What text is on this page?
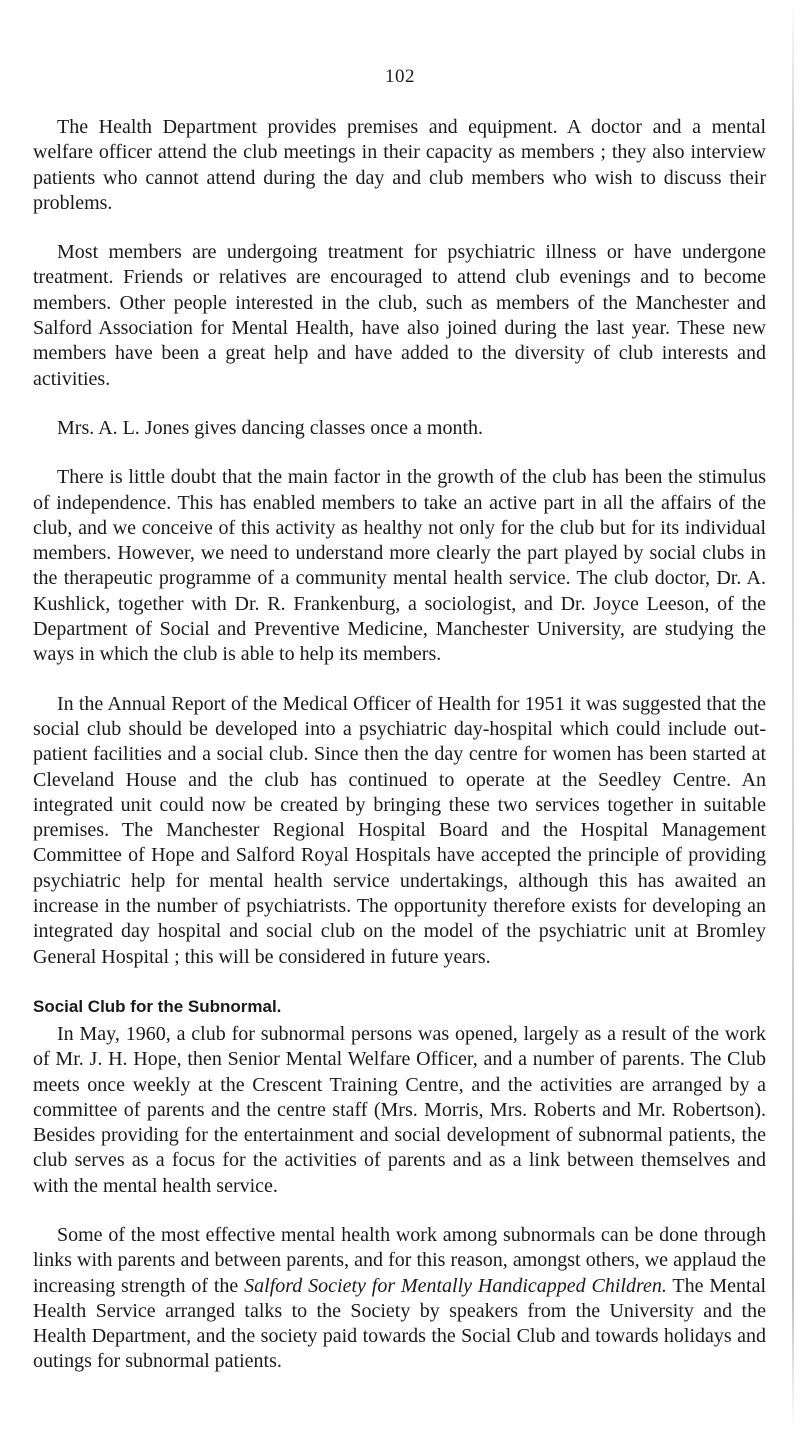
102

The Health Department provides premises and equipment. A doctor and a mental welfare officer attend the club meetings in their capacity as members ; they also interview patients who cannot attend during the day and club members who wish to discuss their problems.

Most members are undergoing treatment for psychiatric illness or have undergone treatment. Friends or relatives are encouraged to attend club evenings and to become members. Other people interested in the club, such as members of the Manchester and Salford Association for Mental Health, have also joined during the last year. These new members have been a great help and have added to the diversity of club interests and activities.

Mrs. A. L. Jones gives dancing classes once a month.

There is little doubt that the main factor in the growth of the club has been the stimulus of independence. This has enabled members to take an active part in all the affairs of the club, and we conceive of this activity as healthy not only for the club but for its individual members. However, we need to understand more clearly the part played by social clubs in the therapeutic programme of a community mental health service. The club doctor, Dr. A. Kushlick, together with Dr. R. Frankenburg, a sociologist, and Dr. Joyce Leeson, of the Department of Social and Preventive Medicine, Manchester University, are studying the ways in which the club is able to help its members.

In the Annual Report of the Medical Officer of Health for 1951 it was suggested that the social club should be developed into a psychiatric day-hospital which could include out-patient facilities and a social club. Since then the day centre for women has been started at Cleveland House and the club has continued to operate at the Seedley Centre. An integrated unit could now be created by bringing these two services together in suitable premises. The Manchester Regional Hospital Board and the Hospital Management Committee of Hope and Salford Royal Hospitals have accepted the principle of providing psychiatric help for mental health service undertakings, although this has awaited an increase in the number of psychiatrists. The opportunity therefore exists for developing an integrated day hospital and social club on the model of the psychiatric unit at Bromley General Hospital ; this will be considered in future years.

Social Club for the Subnormal.

In May, 1960, a club for subnormal persons was opened, largely as a result of the work of Mr. J. H. Hope, then Senior Mental Welfare Officer, and a number of parents. The Club meets once weekly at the Crescent Training Centre, and the activities are arranged by a committee of parents and the centre staff (Mrs. Morris, Mrs. Roberts and Mr. Robertson). Besides providing for the entertainment and social development of subnormal patients, the club serves as a focus for the activities of parents and as a link between themselves and with the mental health service.

Some of the most effective mental health work among subnormals can be done through links with parents and between parents, and for this reason, amongst others, we applaud the increasing strength of the Salford Society for Mentally Handicapped Children. The Mental Health Service arranged talks to the Society by speakers from the University and the Health Department, and the society paid towards the Social Club and towards holidays and outings for subnormal patients.
